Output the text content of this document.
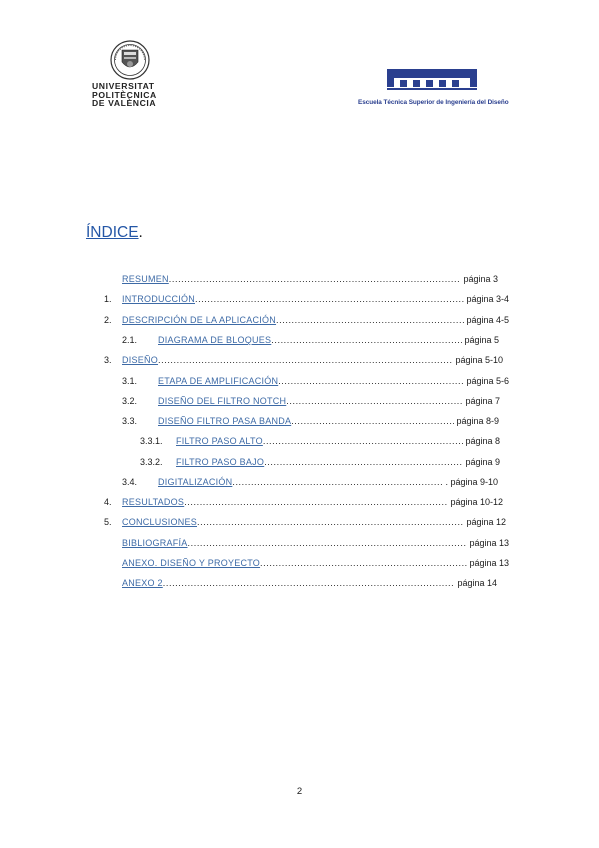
UNIVERSITAT
POLITÈCNICA
DE VALÈNCIA	Escuela Técnica Superior de Ingeniería del Diseño
ÍNDICE.
RESUMEN .....	página 3
1. INTRODUCCIÓN .....	página 3-4
2. DESCRIPCIÓN DE LA APLICACIÓN .....	página 4-5
2.1. DIAGRAMA DE BLOQUES .....	página 5
3. DISEÑO .....	página 5-10
3.1. ETAPA DE AMPLIFICACIÓN .....	página 5-6
3.2. DISEÑO DEL FILTRO NOTCH .....	página 7
3.3. DISEÑO FILTRO PASA BANDA .....	página 8-9
3.3.1. FILTRO PASO ALTO .....	página 8
3.3.2. FILTRO PASO BAJO .....	página 9
3.4. DIGITALIZACIÓN .....	. página 9-10
4. RESULTADOS .....	página 10-12
5. CONCLUSIONES .....	página 12
BIBLIOGRAFÍA .....	página 13
ANEXO. DISEÑO Y PROYECTO .....	página 13
ANEXO 2 .....	página 14
2
